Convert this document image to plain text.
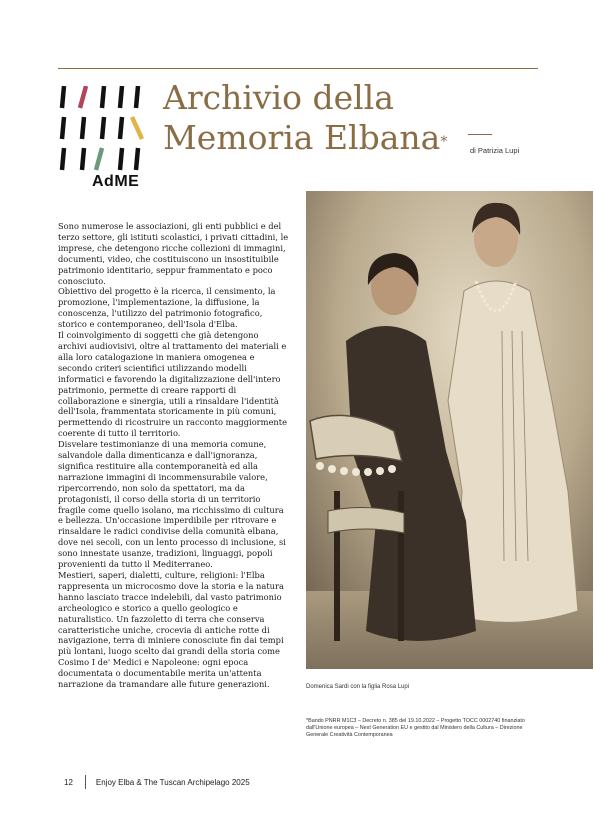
AdME
Archivio della
Memoria Elbana*
di Patrizia Lupi

Sono numerose le associazioni, gli enti pubblici e del terzo settore, gli istituti scolastici, i privati cittadini, le imprese, che detengono ricche collezioni di immagini, documenti, video, che costituiscono un insostituibile patrimonio identitario, seppur frammentato e poco conosciuto.

Obiettivo del progetto è la ricerca, il censimento, la promozione, l'implementazione, la diffusione, la conoscenza, l'utilizzo del patrimonio fotografico, storico e contemporaneo, dell'Isola d'Elba.

Il coinvolgimento di soggetti che già detengono archivi audiovisivi, oltre al trattamento dei materiali e alla loro catalogazione in maniera omogenea e secondo criteri scientifici utilizzando modelli informatici e favorendo la digitalizzazione dell'intero patrimonio, permette di creare rapporti di collaborazione e sinergia, utili a rinsaldare l'identità dell'Isola, frammentata storicamente in più comuni, permettendo di ricostruire un racconto maggiormente coerente di tutto il territorio.

Disvelare testimonianze di una memoria comune, salvandole dalla dimenticanza e dall'ignoranza, significa restituire alla contemporaneità ed alla narrazione immagini di incommensurabile valore, ripercorrendo, non solo da spettatori, ma da protagonisti, il corso della storia di un territorio fragile come quello isolano, ma ricchissimo di cultura e bellezza. Un'occasione imperdibile per ritrovare e rinsaldare le radici condivise della comunità elbana, dove nei secoli, con un lento processo di inclusione, si sono innestate usanze, tradizioni, linguaggi, popoli provenienti da tutto il Mediterraneo.

Mestieri, saperi, dialetti, culture, religioni: l'Elba rappresenta un microcosmo dove la storia e la natura hanno lasciato tracce indelebili, dal vasto patrimonio archeologico e storico a quello geologico e naturalistico. Un fazzoletto di terra che conserva caratteristiche uniche, crocevia di antiche rotte di navigazione, terra di miniere conosciute fin dai tempi più lontani, luogo scelto dai grandi della storia come Cosimo I de' Medici e Napoleone: ogni epoca documentata o documentabile merita un'attenta narrazione da tramandare alle future generazioni.	Domenica Sardi con la figlia Rosa Lupi
*Bando PNRR M1C3 – Decreto n. 385 del 19.10.2022 – Progetto TOCC 0002740 finanziato dall'Unione europea – Next Generation EU e gestito dal Ministero della Cultura – Direzione Generale Creatività Contemporanea
12	Enjoy Elba & The Tuscan Archipelago 2025
